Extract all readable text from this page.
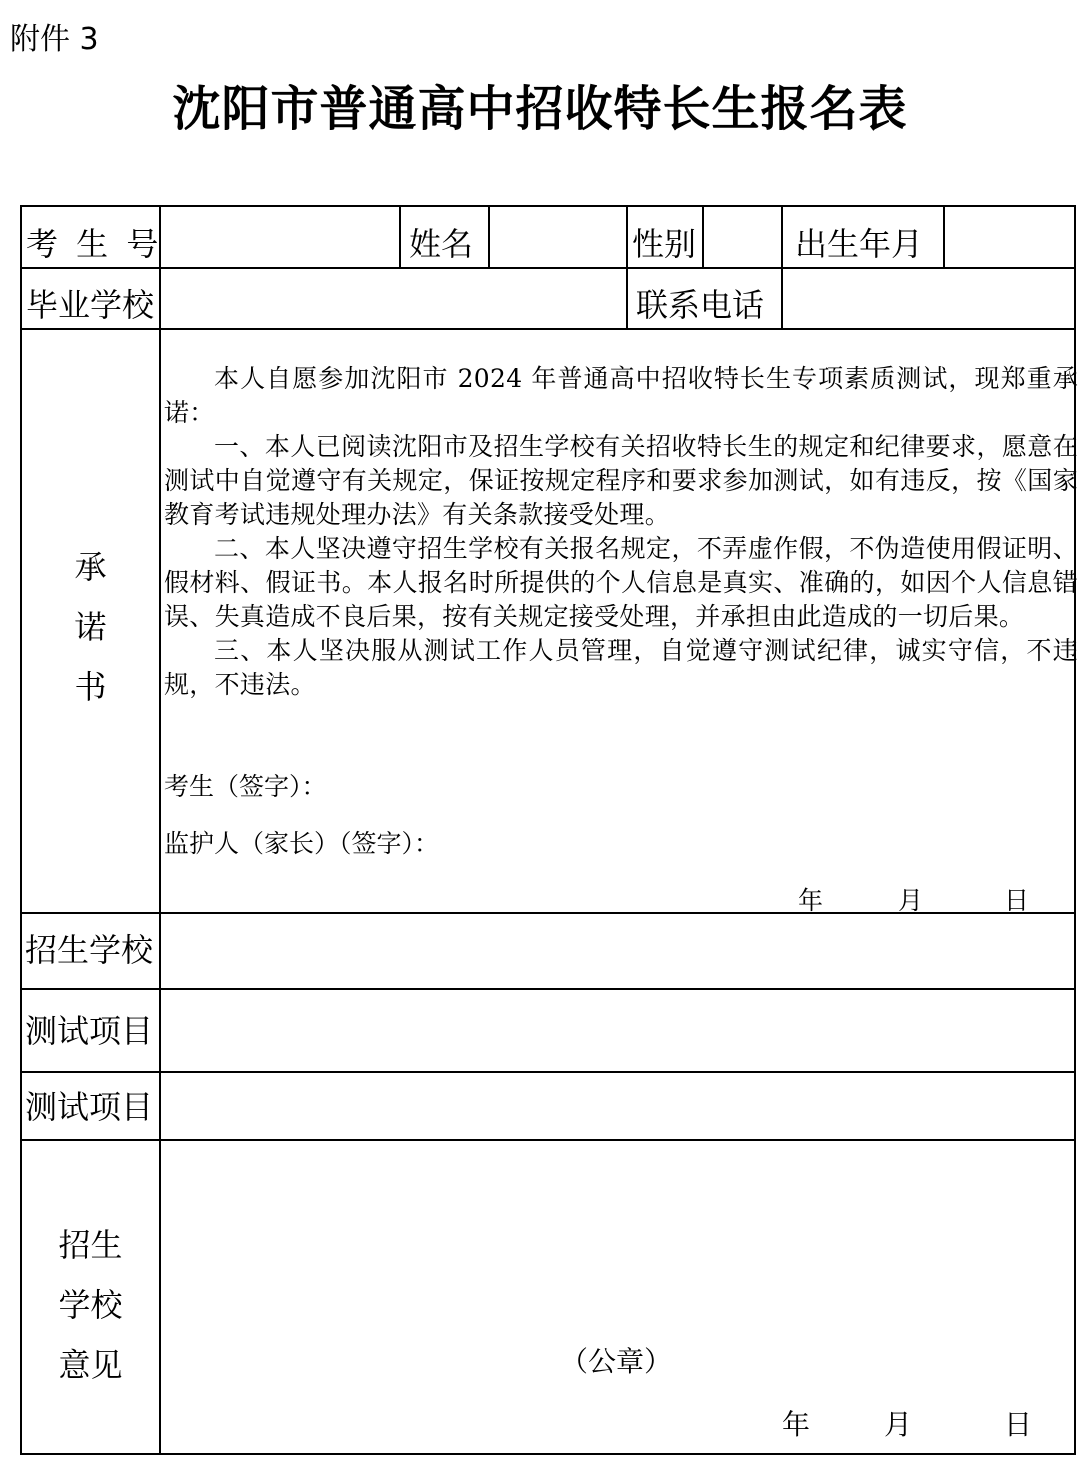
附件 3
沈阳市普通高中招收特长生报名表
考 生 号	姓名	性别	出生年月
毕业学校	联系电话
承
诺
书

本人自愿参加沈阳市 2024 年普通高中招收特长生专项素质测试，现郑重承诺：

一、本人已阅读沈阳市及招生学校有关招收特长生的规定和纪律要求，愿意在测试中自觉遵守有关规定，保证按规定程序和要求参加测试，如有违反，按《国家教育考试违规处理办法》有关条款接受处理。

二、本人坚决遵守招生学校有关报名规定，不弄虚作假，不伪造使用假证明、假材料、假证书。本人报名时所提供的个人信息是真实、准确的，如因个人信息错误、失真造成不良后果，按有关规定接受处理，并承担由此造成的一切后果。

三、本人坚决服从测试工作人员管理，自觉遵守测试纪律，诚实守信，不违规，不违法。

考生（签字）：
监护人（家长）（签字）：
年	月	日
招生学校
测试项目
测试项目
招生
学校
意见	（公章）
年	月	日
